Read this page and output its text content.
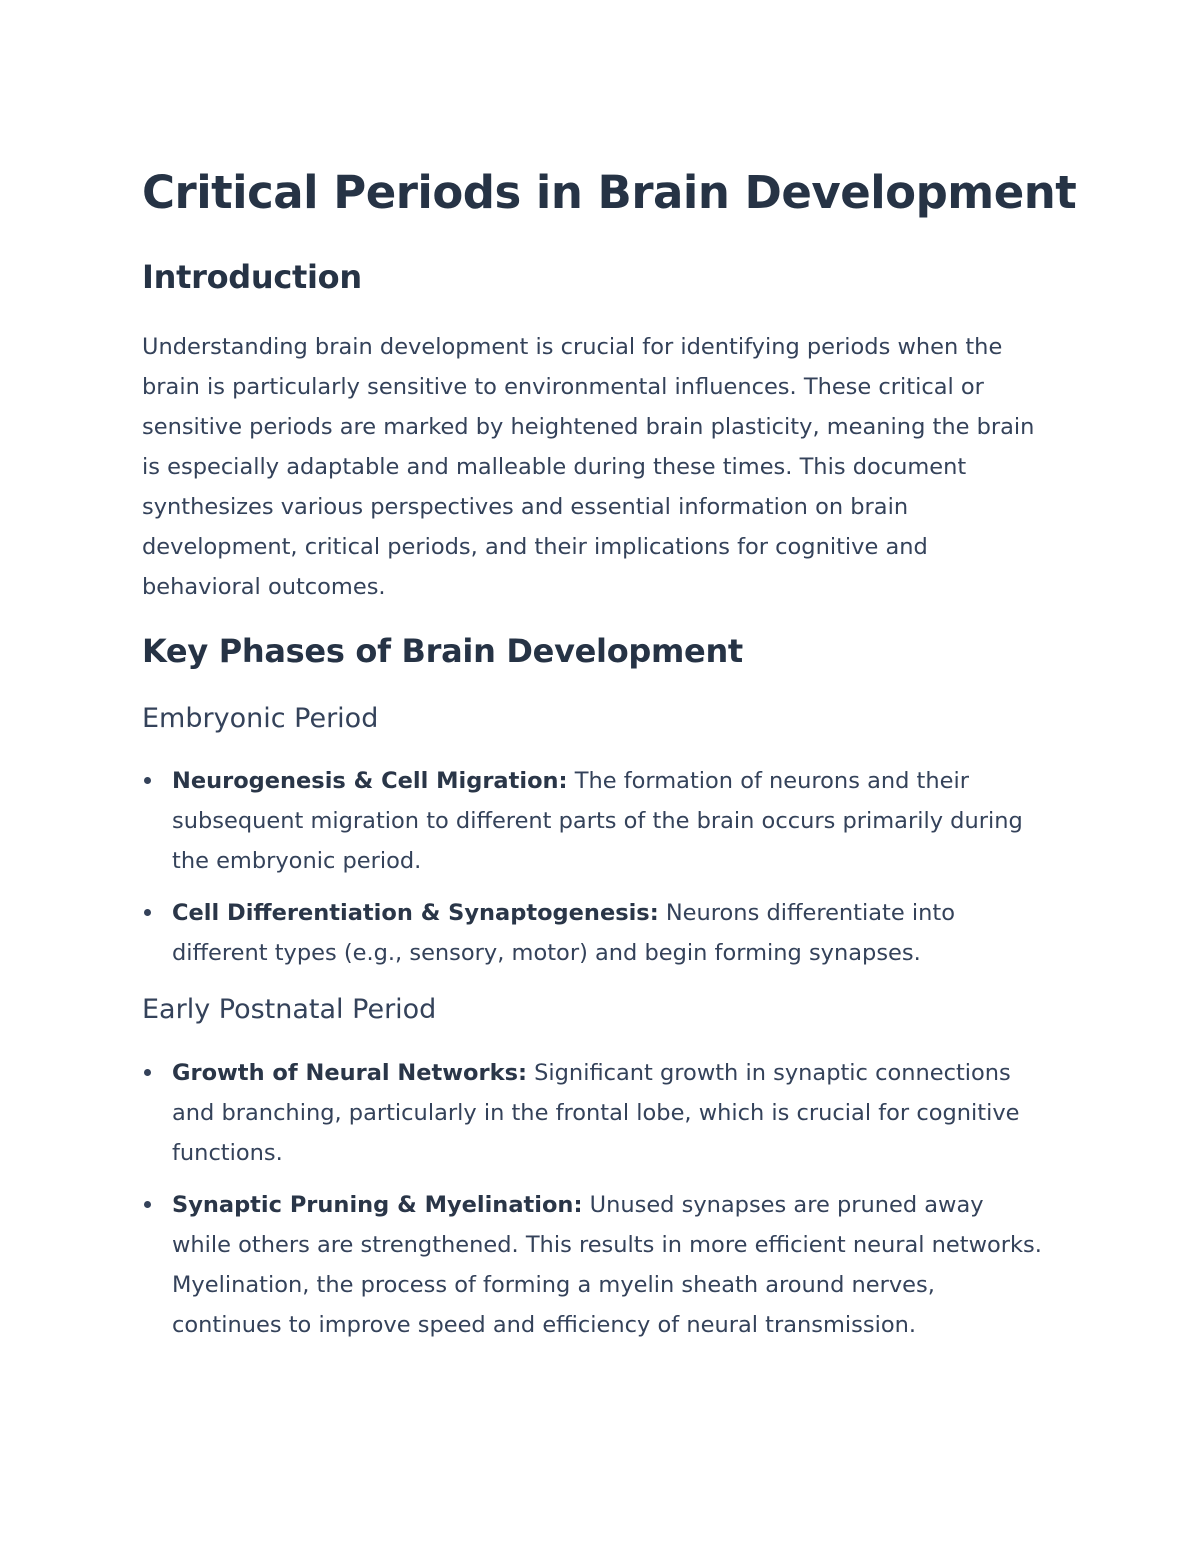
Critical Periods in Brain Development
Introduction

Understanding brain development is crucial for identifying periods when the brain is particularly sensitive to environmental influences. These critical or sensitive periods are marked by heightened brain plasticity, meaning the brain is especially adaptable and malleable during these times. This document synthesizes various perspectives and essential information on brain development, critical periods, and their implications for cognitive and behavioral outcomes.

Key Phases of Brain Development
Embryonic Period
Neurogenesis & Cell Migration: The formation of neurons and their subsequent migration to different parts of the brain occurs primarily during the embryonic period.
Cell Differentiation & Synaptogenesis: Neurons differentiate into different types (e.g., sensory, motor) and begin forming synapses.
Early Postnatal Period
Growth of Neural Networks: Significant growth in synaptic connections and branching, particularly in the frontal lobe, which is crucial for cognitive functions.
Synaptic Pruning & Myelination: Unused synapses are pruned away while others are strengthened. This results in more efficient neural networks. Myelination, the process of forming a myelin sheath around nerves, continues to improve speed and efficiency of neural transmission.
